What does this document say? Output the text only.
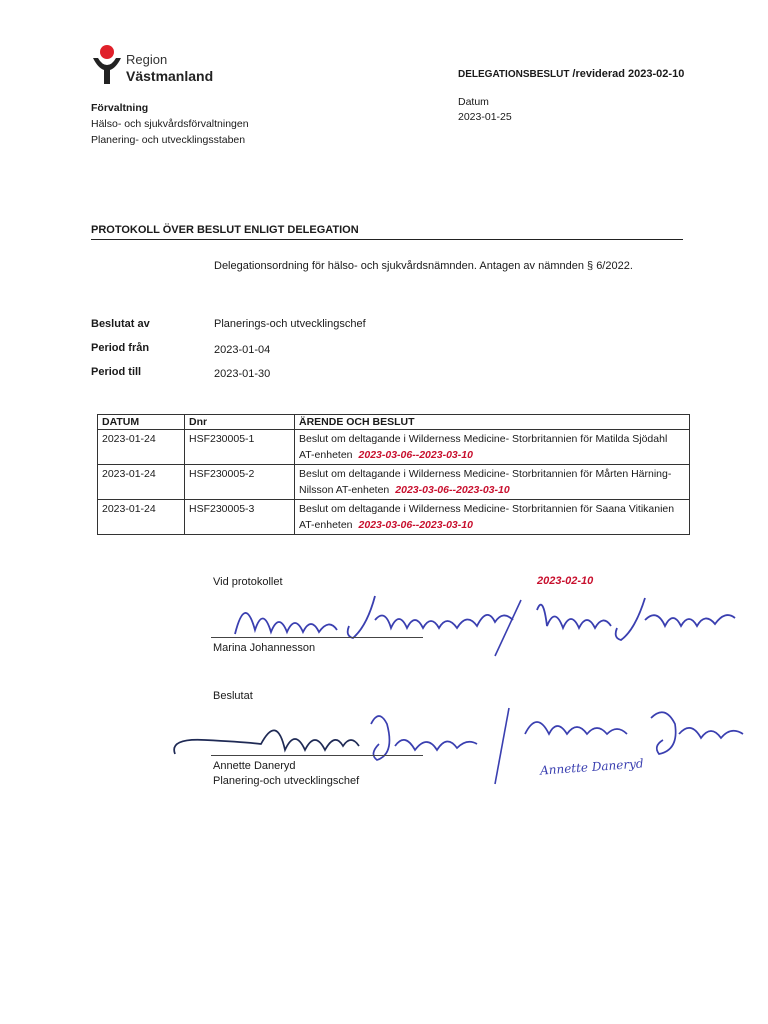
Region
Västmanland
Förvaltning
Hälso- och sjukvårdsförvaltningen
Planering- och utvecklingsstaben
DELEGATIONSBESLUT /reviderad 2023-02-10
Datum
2023-01-25
PROTOKOLL ÖVER BESLUT ENLIGT DELEGATION
Delegationsordning för hälso- och sjukvårdsnämnden. Antagen av nämnden § 6/2022.
Beslutat av	Planerings-och utvecklingschef
Period från	2023-01-04
Period till	2023-01-30
DATUM	Dnr	ÄRENDE OCH BESLUT
2023-01-24	HSF230005-1	Beslut om deltagande i Wilderness Medicine- Storbritannien för Matilda Sjödahl AT-enheten 2023-03-06--2023-03-10
2023-01-24	HSF230005-2	Beslut om deltagande i Wilderness Medicine- Storbritannien för Mårten Härning-Nilsson AT-enheten 2023-03-06--2023-03-10
2023-01-24	HSF230005-3	Beslut om deltagande i Wilderness Medicine- Storbritannien för Saana Vitikanien AT-enheten 2023-03-06--2023-03-10
Vid protokollet	2023-02-10
Marina Johannesson
Beslutat
Annette Daneryd
Annette Daneryd
Planering-och utvecklingschef
